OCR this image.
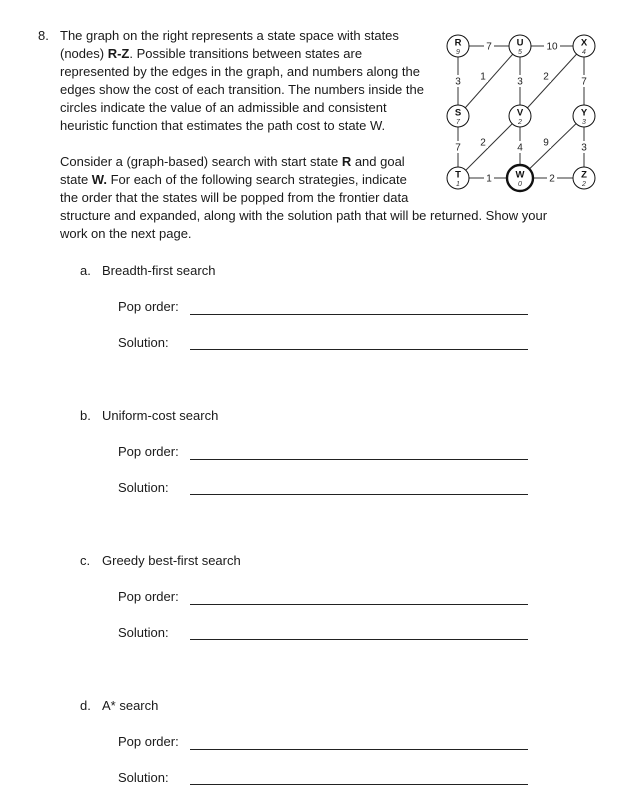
8. The graph on the right represents a state space with states
(nodes) R-Z. Possible transitions between states are
represented by the edges in the graph, and numbers along the
edges show the cost of each transition. The numbers inside the
circles indicate the value of an admissible and consistent
heuristic function that estimates the path cost to state W.
Consider a (graph-based) search with start state R and goal
state W. For each of the following search strategies, indicate
the order that the states will be popped from the frontier data
structure and expanded, along with the solution path that will be returned. Show your
work on the next page.
7	10
3	3	7
1	2
7 2	4 9	3
1	2
R
9
U
5
X
4
S
7
V
2
Y
3
T
1
W
0
Z
2
a. Breadth-first search
Pop order:
Solution:
b. Uniform-cost search
Pop order:
Solution:
c. Greedy best-first search
Pop order:
Solution:
d. A* search
Pop order:
Solution:
